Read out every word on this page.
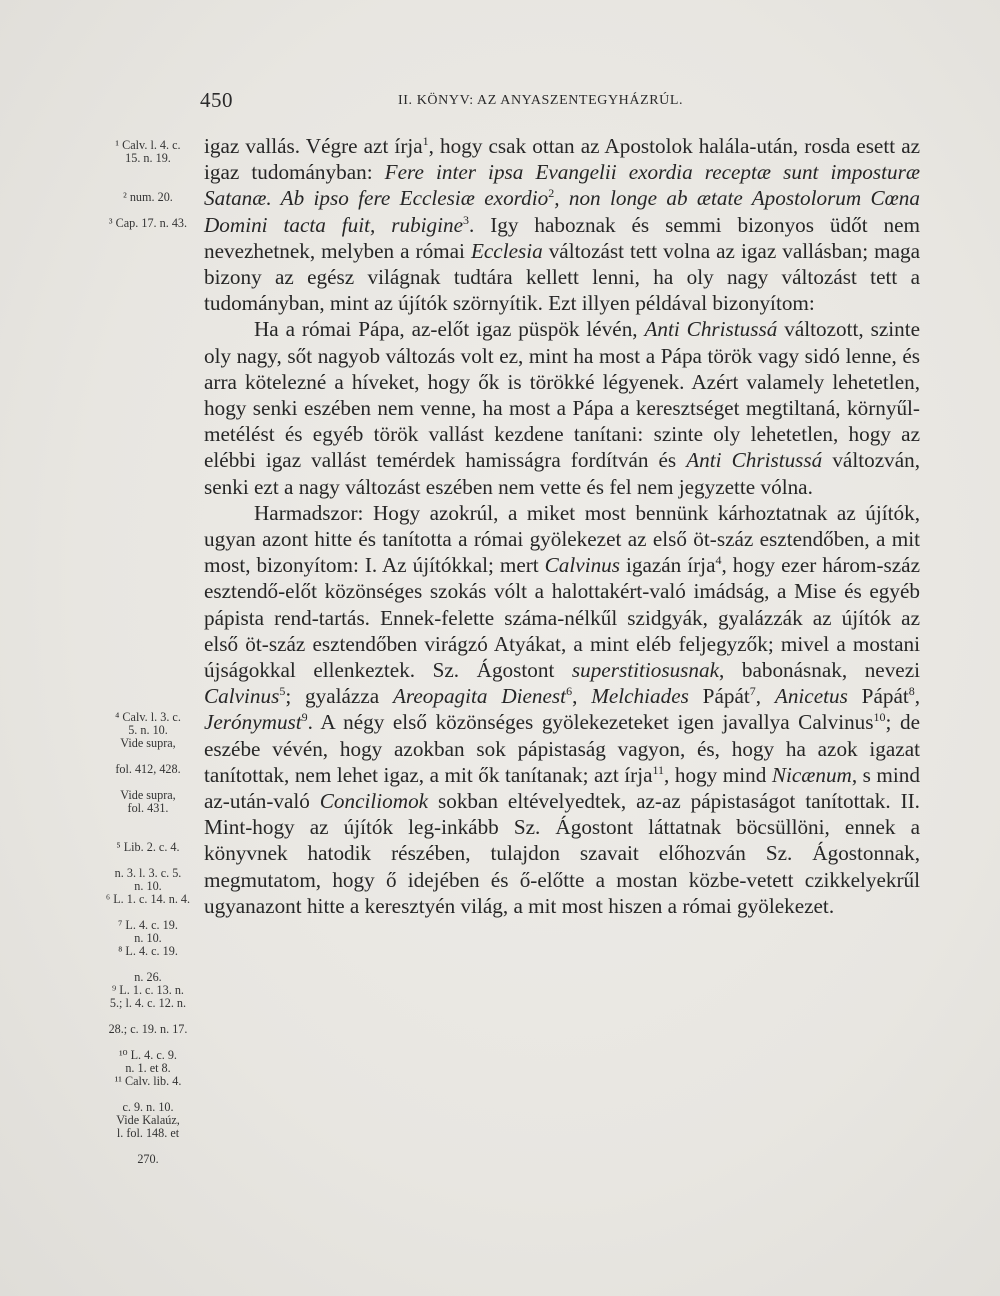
450	II. KÖNYV: AZ ANYASZENTEGYHÁZRÚL.
¹ Calv. l. 4. c.
15. n. 19.

² num. 20.

³ Cap. 17. n. 43.

⁴ Calv. l. 3. c.
5. n. 10.
Vide supra,

fol. 412, 428.

Vide supra,
fol. 431.

⁵ Lib. 2. c. 4.

n. 3. l. 3. c. 5.
n. 10.
⁶ L. 1. c. 14. n. 4.

⁷ L. 4. c. 19.
n. 10.
⁸ L. 4. c. 19.

n. 26.
⁹ L. 1. c. 13. n.
5.; l. 4. c. 12. n.

28.; c. 19. n. 17.

¹⁰ L. 4. c. 9.
n. 1. et 8.
¹¹ Calv. lib. 4.

c. 9. n. 10.
Vide Kalaúz,
l. fol. 148. et

270.

igaz vallás. Végre azt írja$^1$, hogy csak ottan az Apostolok halála-után, rosda esett az igaz tudományban: Fere inter ipsa Evangelii exordia receptæ sunt imposturæ Satanæ. Ab ipso fere Ecclesiæ exordio$^2$, non longe ab ætate Apostolorum Cœna Domini tacta fuit, rubigine$^3$. Igy haboznak és semmi bizonyos üdőt nem nevezhetnek, melyben a római Ecclesia változást tett volna az igaz vallásban; maga bizony az egész világnak tudtára kellett lenni, ha oly nagy változást tett a tudományban, mint az újítók szörnyítik. Ezt illyen példával bizonyítom:

Ha a római Pápa, az-előt igaz püspök lévén, Anti Christussá változott, szinte oly nagy, sőt nagyob változás volt ez, mint ha most a Pápa török vagy sidó lenne, és arra kötelezné a híveket, hogy ők is törökké légyenek. Azért valamely lehetetlen, hogy senki eszében nem venne, ha most a Pápa a keresztséget megtiltaná, környűl-metélést és egyéb török vallást kezdene tanítani: szinte oly lehetetlen, hogy az elébbi igaz vallást temérdek hamisságra fordítván és Anti Christussá változván, senki ezt a nagy változást eszében nem vette és fel nem jegyzette vólna.

Harmadszor: Hogy azokrúl, a miket most bennünk kárhoztatnak az újítók, ugyan azont hitte és tanította a római gyölekezet az első öt-száz esztendőben, a mit most, bizonyítom: I. Az újítókkal; mert Calvinus igazán írja$^4$, hogy ezer három-száz esztendő-előt közönséges szokás vólt a halottakért-való imádság, a Mise és egyéb pápista rend-tartás. Ennek-felette száma-nélkűl szidgyák, gyalázzák az újítók az első öt-száz esztendőben virágzó Atyákat, a mint eléb feljegyzők; mivel a mostani újságokkal ellenkeztek. Sz. Ágostont superstitiosusnak, babonásnak, nevezi Calvinus$^5$; gyalázza Areopagita Dienest$^6$, Melchiades Pápát$^7$, Anicetus Pápát$^8$, Jerónymust$^9$. A négy első közönséges gyölekezeteket igen javallya Calvinus$^{10}$; de eszébe vévén, hogy azokban sok pápistaság vagyon, és, hogy ha azok igazat tanítottak, nem lehet igaz, a mit ők tanítanak; azt írja$^{11}$, hogy mind Nicænum, s mind az-után-való Conciliomok sokban eltévelyedtek, az-az pápistaságot tanítottak. II. Mint-hogy az újítók leg-inkább Sz. Ágostont láttatnak böcsüllöni, ennek a könyvnek hatodik részében, tulajdon szavait előhozván Sz. Ágostonnak, megmutatom, hogy ő idejében és ő-előtte a mostan közbe-vetett czikkelyekrűl ugyanazont hitte a keresztyén világ, a mit most hiszen a római gyölekezet.
